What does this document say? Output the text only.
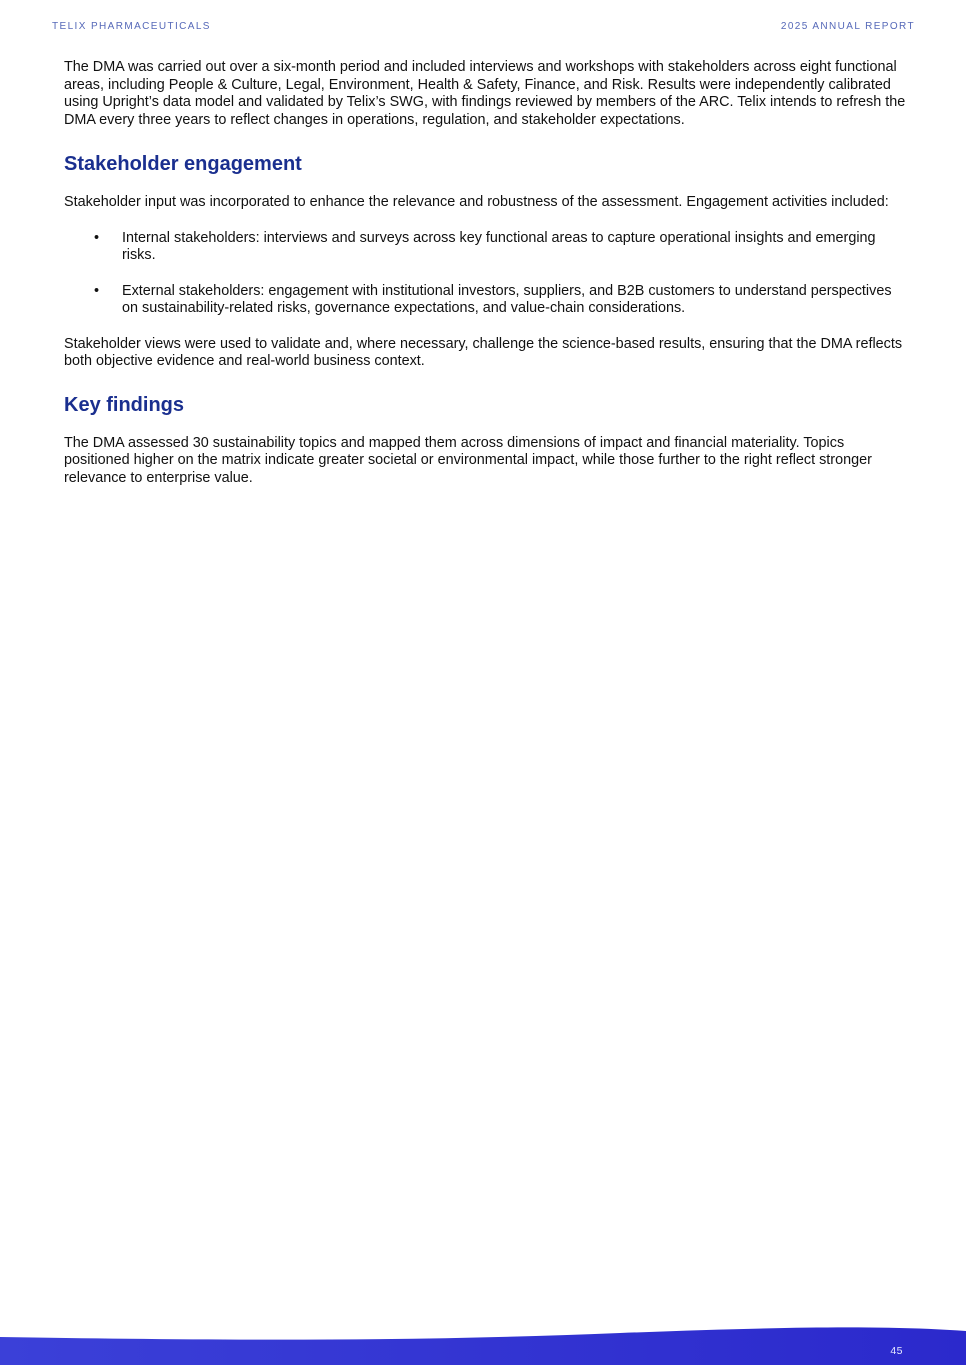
TELIX PHARMACEUTICALS	2025 ANNUAL REPORT

The DMA was carried out over a six-month period and included interviews and workshops with stakeholders across eight functional areas, including People & Culture, Legal, Environment, Health & Safety, Finance, and Risk. Results were independently calibrated using Upright’s data model and validated by Telix’s SWG, with findings reviewed by members of the ARC. Telix intends to refresh the DMA every three years to reflect changes in operations, regulation, and stakeholder expectations.

Stakeholder engagement

Stakeholder input was incorporated to enhance the relevance and robustness of the assessment. Engagement activities included:

• Internal stakeholders: interviews and surveys across key functional areas to capture operational insights and emerging risks.
• External stakeholders: engagement with institutional investors, suppliers, and B2B customers to understand perspectives on sustainability-related risks, governance expectations, and value-chain considerations.

Stakeholder views were used to validate and, where necessary, challenge the science-based results, ensuring that the DMA reflects both objective evidence and real-world business context.

Key findings

The DMA assessed 30 sustainability topics and mapped them across dimensions of impact and financial materiality. Topics positioned higher on the matrix indicate greater societal or environmental impact, while those further to the right reflect stronger relevance to enterprise value.

45
